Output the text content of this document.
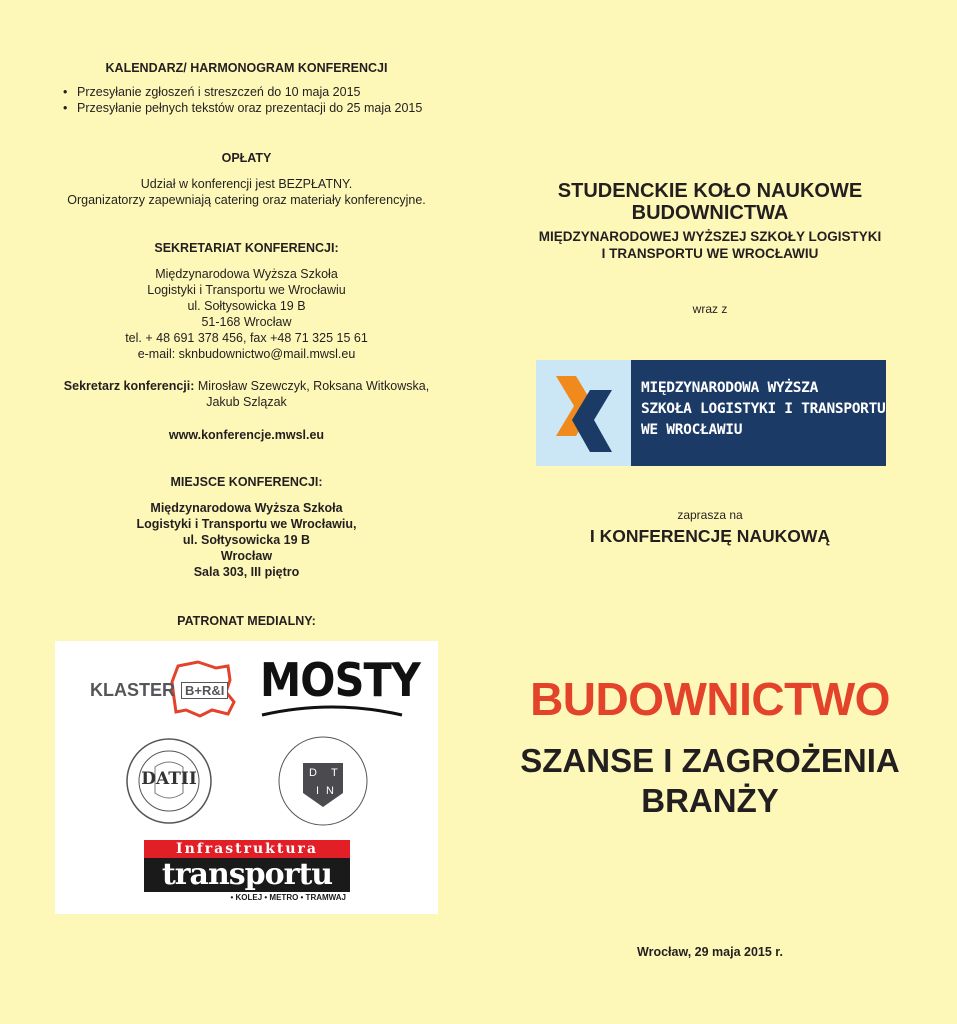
KALENDARZ/ HARMONOGRAM KONFERENCJI
• Przesyłanie zgłoszeń i streszczeń do 10 maja 2015
• Przesyłanie pełnych tekstów oraz prezentacji do 25 maja 2015
OPŁATY
Udział w konferencji jest BEZPŁATNY.
Organizatorzy zapewniają catering oraz materiały konferencyjne.
SEKRETARIAT KONFERENCJI:
Międzynarodowa Wyższa Szkoła
Logistyki i Transportu we Wrocławiu
ul. Sołtysowicka 19 B
51-168 Wrocław
tel. + 48 691 378 456, fax +48 71 325 15 61
e-mail: sknbudownictwo@mail.mwsl.eu
Sekretarz konferencji: Mirosław Szewczyk, Roksana Witkowska,
Jakub Szlązak
www.konferencje.mwsl.eu
MIEJSCE KONFERENCJI:
Międzynarodowa Wyższa Szkoła
Logistyki i Transportu we Wrocławiu,
ul. Sołtysowicka 19 B
Wrocław
Sala 303, III piętro
PATRONAT MEDIALNY:
KLASTER B+R&I MOSTY
DATII	D T
I N
Infrastruktura
transportu
• KOLEJ • METRO • TRAMWAJ
STUDENCKIE KOŁO NAUKOWE
BUDOWNICTWA
MIĘDZYNARODOWEJ WYŻSZEJ SZKOŁY LOGISTYKI
I TRANSPORTU WE WROCŁAWIU
wraz z
MIĘDZYNARODOWA WYŻSZA
SZKOŁA LOGISTYKI I TRANSPORTU
WE WROCŁAWIU
zaprasza na
I KONFERENCJĘ NAUKOWĄ
BUDOWNICTWO
SZANSE I ZAGROŻENIA
BRANŻY
Wrocław, 29 maja 2015 r.
